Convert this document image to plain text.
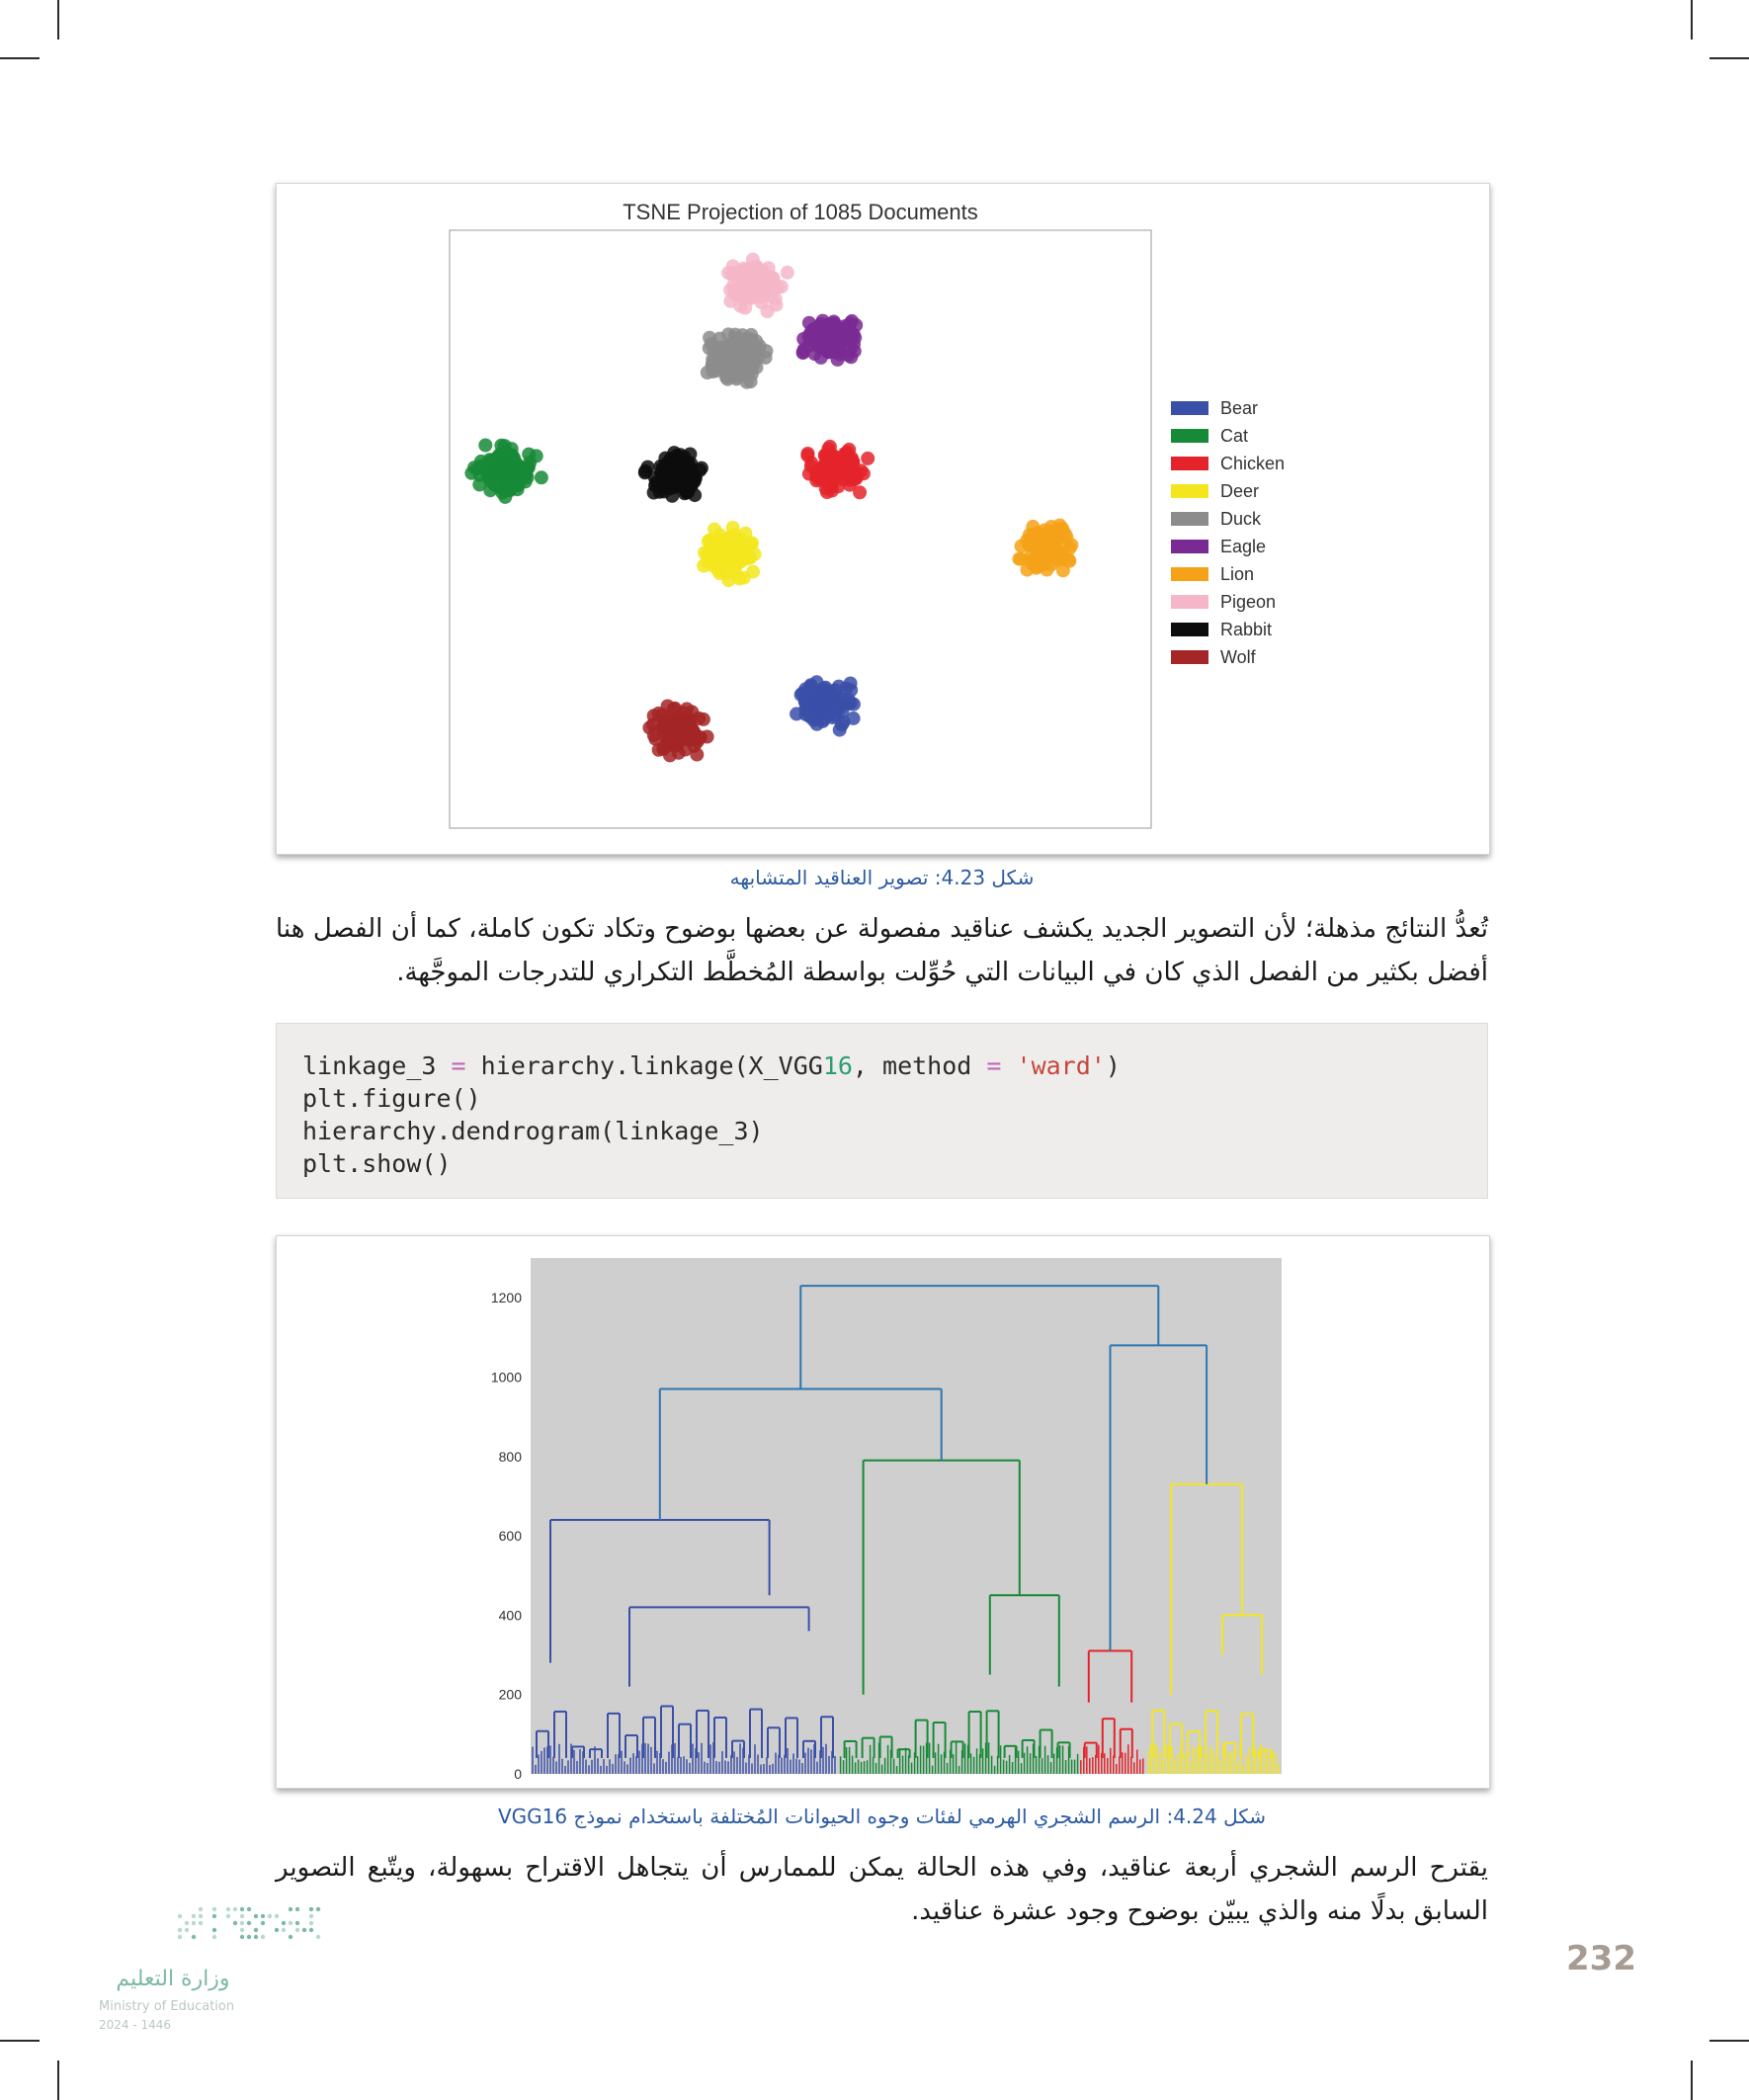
TSNE Projection of 1085 Documents
Bear
Cat
Chicken
Deer
Duck
Eagle
Lion
Pigeon
Rabbit
Wolf
شكل 4.23: تصوير العناقيد المتشابهه
تُعدُّ النتائج مذهلة؛ لأن التصوير الجديد يكشف عناقيد مفصولة عن بعضها بوضوح وتكاد تكون كاملة، كما أن الفصل هنا أفضل بكثير من الفصل الذي كان في البيانات التي حُوِّلت بواسطة المُخطَّط التكراري للتدرجات الموجَّهة.
linkage_3 = hierarchy.linkage(X_VGG16, method = 'ward')
plt.figure()
hierarchy.dendrogram(linkage_3)
plt.show()
0
200
400
600
800
1000
1200
شكل 4.24: الرسم الشجري الهرمي لفئات وجوه الحيوانات المُختلفة باستخدام نموذج VGG16
يقترح الرسم الشجري أربعة عناقيد، وفي هذه الحالة يمكن للممارس أن يتجاهل الاقتراح بسهولة، ويتّبع التصوير السابق بدلًا منه والذي يبيّن بوضوح وجود عشرة عناقيد.
232
وزارة التعليم
Ministry of Education
2024 - 1446
